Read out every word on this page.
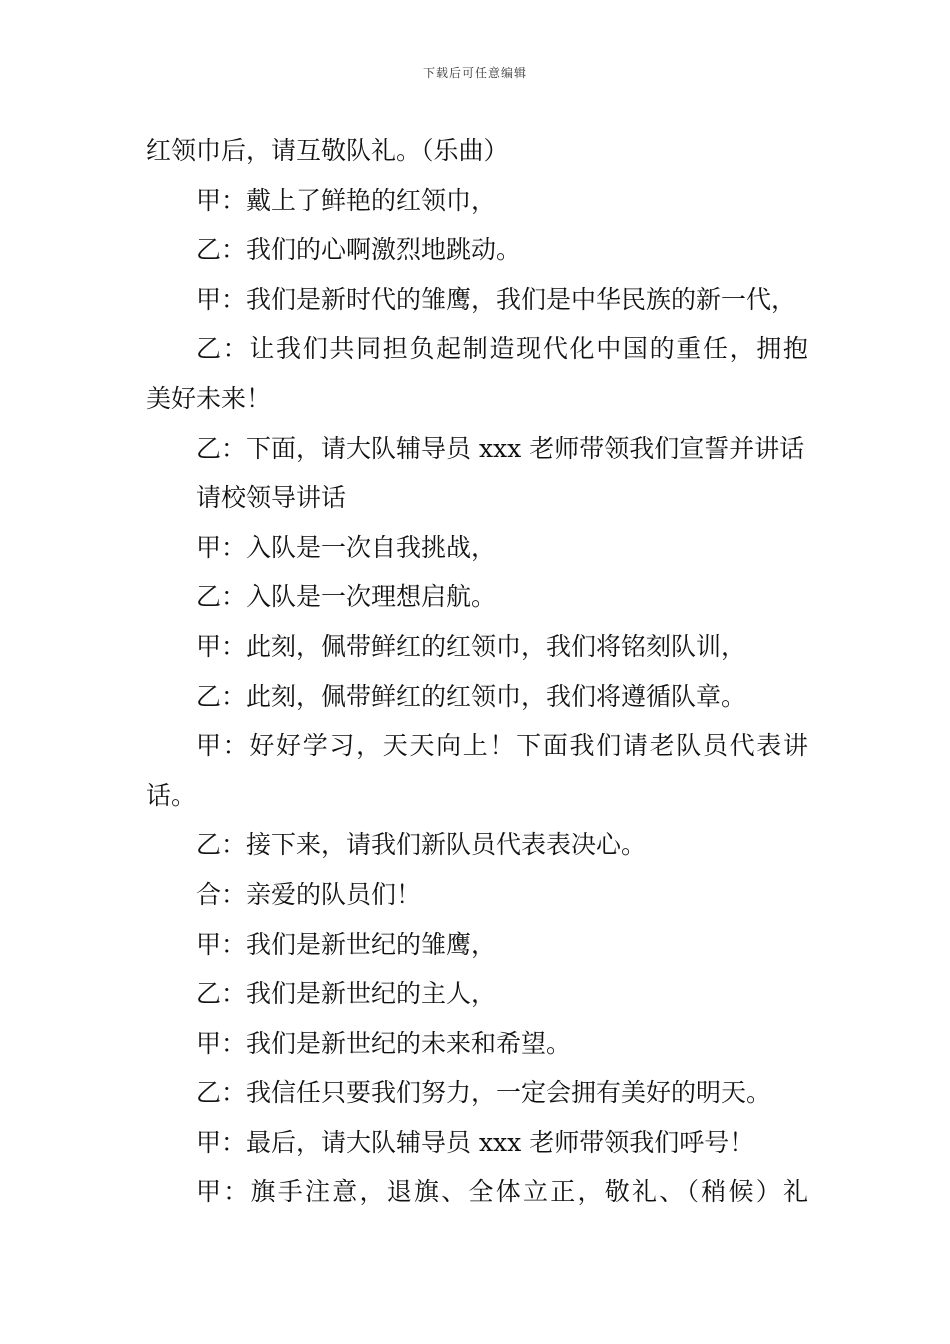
下载后可任意编辑
红领巾后，请互敬队礼。（乐曲）
甲：戴上了鲜艳的红领巾，
乙：我们的心啊激烈地跳动。
甲：我们是新时代的雏鹰，我们是中华民族的新一代，
乙：让我们共同担负起制造现代化中国的重任，拥抱
美好未来！
乙：下面，请大队辅导员 xxx 老师带领我们宣誓并讲话
请校领导讲话
甲：入队是一次自我挑战，
乙：入队是一次理想启航。
甲：此刻，佩带鲜红的红领巾，我们将铭刻队训，
乙：此刻，佩带鲜红的红领巾，我们将遵循队章。
甲：好好学习，天天向上！下面我们请老队员代表讲
话。
乙：接下来，请我们新队员代表表决心。
合：亲爱的队员们！
甲：我们是新世纪的雏鹰，
乙：我们是新世纪的主人，
甲：我们是新世纪的未来和希望。
乙：我信任只要我们努力，一定会拥有美好的明天。
甲：最后，请大队辅导员 xxx 老师带领我们呼号！
甲：旗手注意，退旗、全体立正，敬礼、（稍候）礼
